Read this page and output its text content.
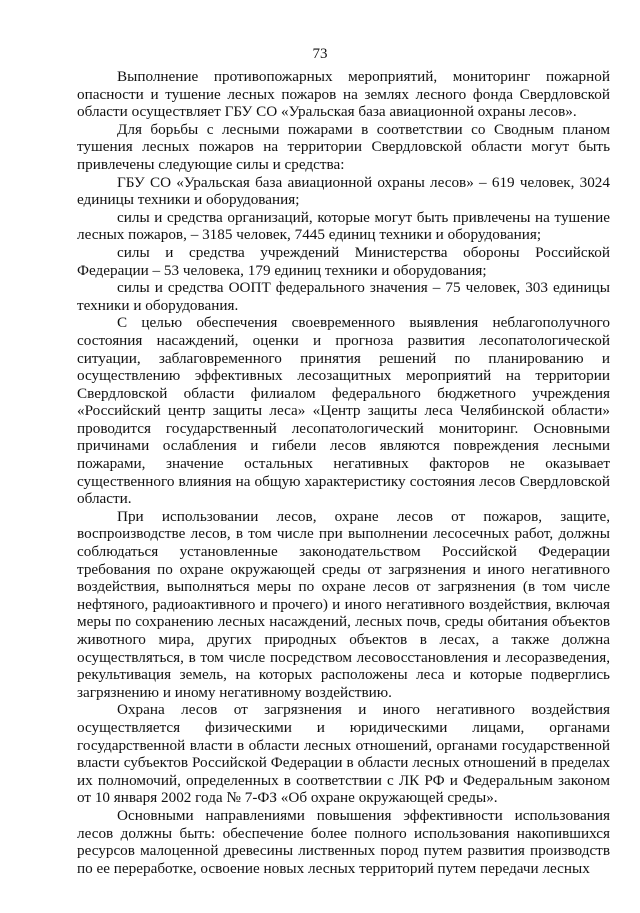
73

Выполнение противопожарных мероприятий, мониторинг пожарной опасности и тушение лесных пожаров на землях лесного фонда Свердловской области осуществляет ГБУ СО «Уральская база авиационной охраны лесов».

Для борьбы с лесными пожарами в соответствии со Сводным планом тушения лесных пожаров на территории Свердловской области могут быть привлечены следующие силы и средства:

ГБУ СО «Уральская база авиационной охраны лесов» – 619 человек, 3024 единицы техники и оборудования;

силы и средства организаций, которые могут быть привлечены на тушение лесных пожаров, – 3185 человек, 7445 единиц техники и оборудования;

силы и средства учреждений Министерства обороны Российской Федерации – 53 человека, 179 единиц техники и оборудования;

силы и средства ООПТ федерального значения – 75 человек, 303 единицы техники и оборудования.

С целью обеспечения своевременного выявления неблагополучного состояния насаждений, оценки и прогноза развития лесопатологической ситуации, заблаговременного принятия решений по планированию и осуществлению эффективных лесозащитных мероприятий на территории Свердловской области филиалом федерального бюджетного учреждения «Российский центр защиты леса» «Центр защиты леса Челябинской области» проводится государственный лесопатологический мониторинг. Основными причинами ослабления и гибели лесов являются повреждения лесными пожарами, значение остальных негативных факторов не оказывает существенного влияния на общую характеристику состояния лесов Свердловской области.

При использовании лесов, охране лесов от пожаров, защите, воспроизводстве лесов, в том числе при выполнении лесосечных работ, должны соблюдаться установленные законодательством Российской Федерации требования по охране окружающей среды от загрязнения и иного негативного воздействия, выполняться меры по охране лесов от загрязнения (в том числе нефтяного, радиоактивного и прочего) и иного негативного воздействия, включая меры по сохранению лесных насаждений, лесных почв, среды обитания объектов животного мира, других природных объектов в лесах, а также должна осуществляться, в том числе посредством лесовосстановления и лесоразведения, рекультивация земель, на которых расположены леса и которые подверглись загрязнению и иному негативному воздействию.

Охрана лесов от загрязнения и иного негативного воздействия осуществляется физическими и юридическими лицами, органами государственной власти в области лесных отношений, органами государственной власти субъектов Российской Федерации в области лесных отношений в пределах их полномочий, определенных в соответствии с ЛК РФ и Федеральным законом от 10 января 2002 года № 7-ФЗ «Об охране окружающей среды».

Основными направлениями повышения эффективности использования лесов должны быть: обеспечение более полного использования накопившихся ресурсов малоценной древесины лиственных пород путем развития производств по ее переработке, освоение новых лесных территорий путем передачи лесных
